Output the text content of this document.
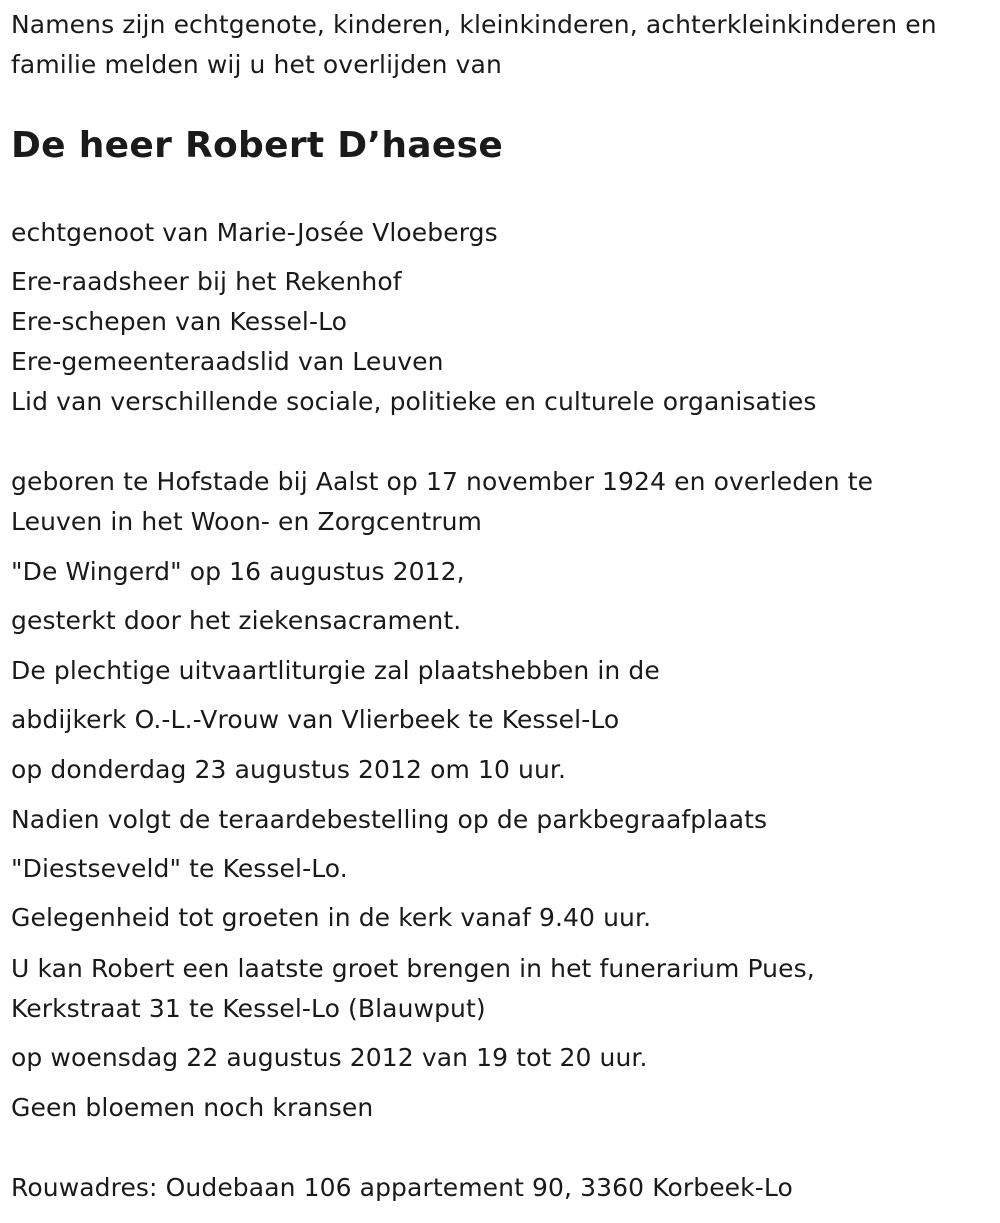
Namens zijn echtgenote, kinderen, kleinkinderen, achterkleinkinderen en
familie melden wij u het overlijden van
De heer Robert D’haese
echtgenoot van Marie-Josée Vloebergs
Ere-raadsheer bij het Rekenhof
Ere-schepen van Kessel-Lo
Ere-gemeenteraadslid van Leuven
Lid van verschillende sociale, politieke en culturele organisaties
geboren te Hofstade bij Aalst op 17 november 1924 en overleden te
Leuven in het Woon- en Zorgcentrum
"De Wingerd" op 16 augustus 2012,
gesterkt door het ziekensacrament.
De plechtige uitvaartliturgie zal plaatshebben in de
abdijkerk O.-L.-Vrouw van Vlierbeek te Kessel-Lo
op donderdag 23 augustus 2012 om 10 uur.
Nadien volgt de teraardebestelling op de parkbegraafplaats
"Diestseveld" te Kessel-Lo.
Gelegenheid tot groeten in de kerk vanaf 9.40 uur.
U kan Robert een laatste groet brengen in het funerarium Pues,
Kerkstraat 31 te Kessel-Lo (Blauwput)
op woensdag 22 augustus 2012 van 19 tot 20 uur.
Geen bloemen noch kransen
Rouwadres: Oudebaan 106 appartement 90, 3360 Korbeek-Lo
